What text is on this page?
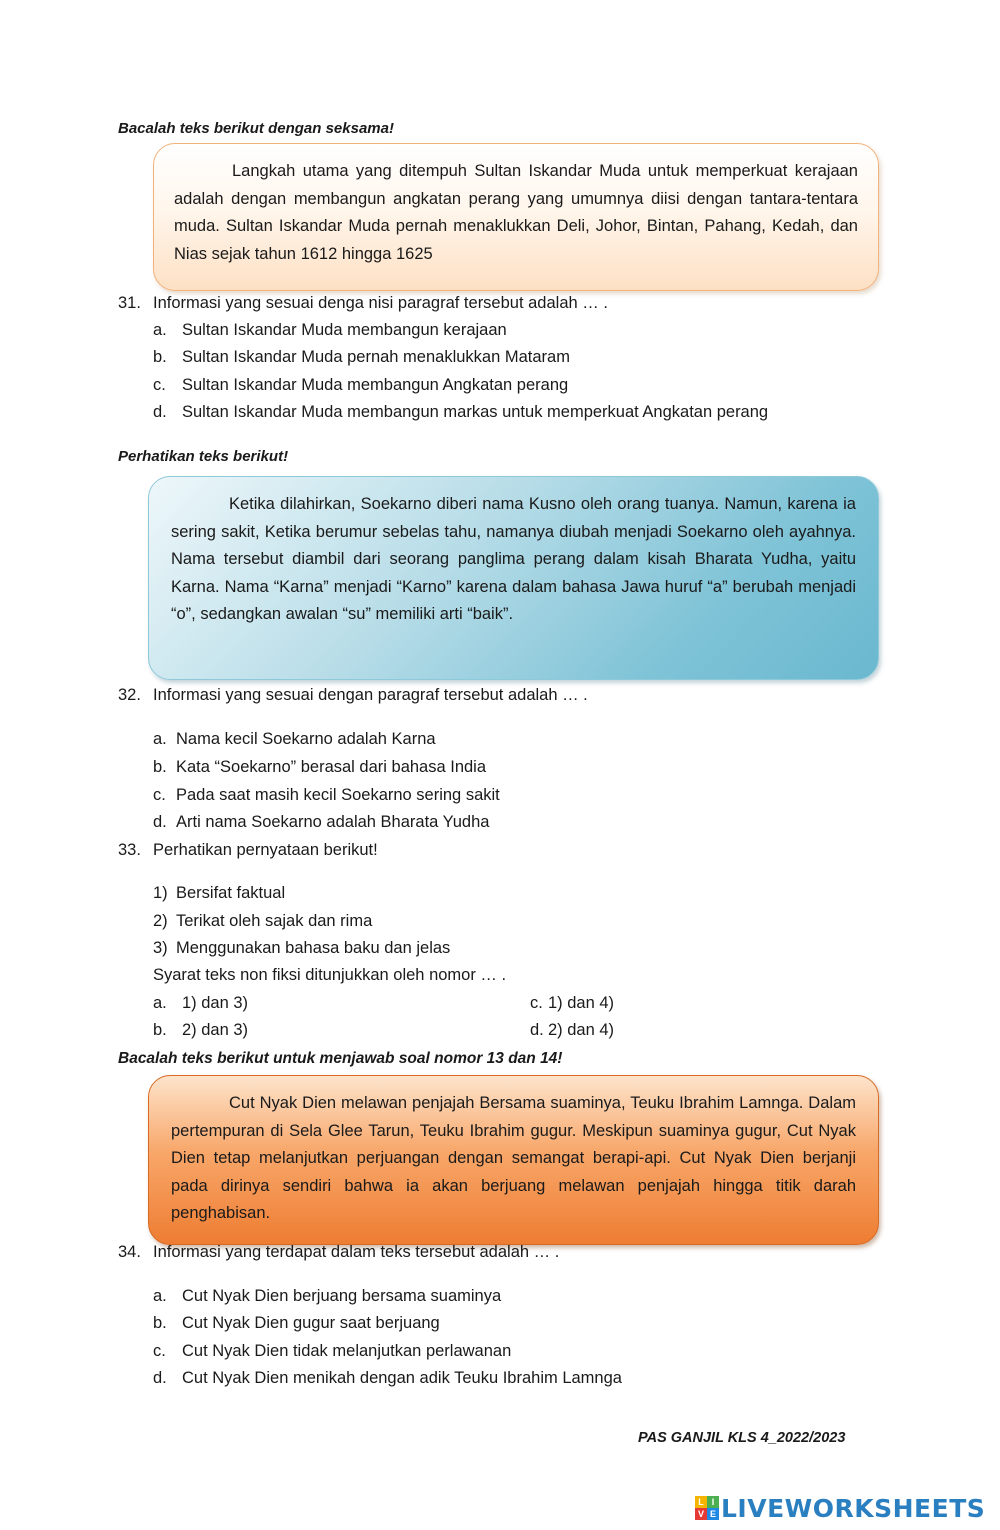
Bacalah teks berikut dengan seksama!

Langkah utama yang ditempuh Sultan Iskandar Muda untuk memperkuat kerajaan adalah dengan membangun angkatan perang yang umumnya diisi dengan tantara-tentara muda. Sultan Iskandar Muda pernah menaklukkan Deli, Johor, Bintan, Pahang, Kedah, dan Nias sejak tahun 1612 hingga 1625

31. Informasi yang sesuai denga nisi paragraf tersebut adalah … .
a. Sultan Iskandar Muda membangun kerajaan
b. Sultan Iskandar Muda pernah menaklukkan Mataram
c. Sultan Iskandar Muda membangun Angkatan perang
d. Sultan Iskandar Muda membangun markas untuk memperkuat Angkatan perang
Perhatikan teks berikut!

Ketika dilahirkan, Soekarno diberi nama Kusno oleh orang tuanya. Namun, karena ia sering sakit, Ketika berumur sebelas tahu, namanya diubah menjadi Soekarno oleh ayahnya. Nama tersebut diambil dari seorang panglima perang dalam kisah Bharata Yudha, yaitu Karna. Nama “Karna” menjadi “Karno” karena dalam bahasa Jawa huruf “a” berubah menjadi “o”, sedangkan awalan “su” memiliki arti “baik”.

32. Informasi yang sesuai dengan paragraf tersebut adalah … .
a. Nama kecil Soekarno adalah Karna
b. Kata “Soekarno” berasal dari bahasa India
c. Pada saat masih kecil Soekarno sering sakit
d. Arti nama Soekarno adalah Bharata Yudha
33. Perhatikan pernyataan berikut!
1) Bersifat faktual
2) Terikat oleh sajak dan rima
3) Menggunakan bahasa baku dan jelas
Syarat teks non fiksi ditunjukkan oleh nomor … .
a. 1) dan 3)	c. 1) dan 4)
b. 2) dan 3)	d. 2) dan 4)
Bacalah teks berikut untuk menjawab soal nomor 13 dan 14!

Cut Nyak Dien melawan penjajah Bersama suaminya, Teuku Ibrahim Lamnga. Dalam pertempuran di Sela Glee Tarun, Teuku Ibrahim gugur. Meskipun suaminya gugur, Cut Nyak Dien tetap melanjutkan perjuangan dengan semangat berapi-api. Cut Nyak Dien berjanji pada dirinya sendiri bahwa ia akan berjuang melawan penjajah hingga titik darah penghabisan.

34. Informasi yang terdapat dalam teks tersebut adalah … .
a. Cut Nyak Dien berjuang bersama suaminya
b. Cut Nyak Dien gugur saat berjuang
c. Cut Nyak Dien tidak melanjutkan perlawanan
d. Cut Nyak Dien menikah dengan adik Teuku Ibrahim Lamnga
PAS GANJIL KLS 4_2022/2023
L I
V E LIVEWORKSHEETS
